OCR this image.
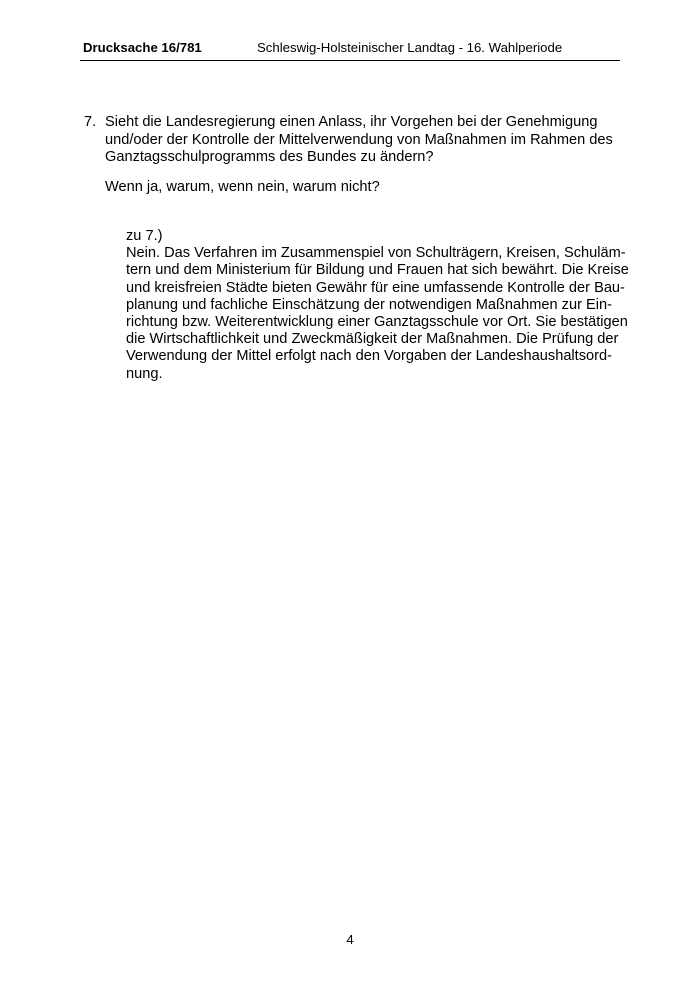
Drucksache 16/781	Schleswig-Holsteinischer Landtag - 16. Wahlperiode
7. Sieht die Landesregierung einen Anlass, ihr Vorgehen bei der Genehmigung
und/oder der Kontrolle der Mittelverwendung von Maßnahmen im Rahmen des
Ganztagsschulprogramms des Bundes zu ändern?
Wenn ja, warum, wenn nein, warum nicht?
zu 7.)
Nein. Das Verfahren im Zusammenspiel von Schulträgern, Kreisen, Schuläm-
tern und dem Ministerium für Bildung und Frauen hat sich bewährt. Die Kreise
und kreisfreien Städte bieten Gewähr für eine umfassende Kontrolle der Bau-
planung und fachliche Einschätzung der notwendigen Maßnahmen zur Ein-
richtung bzw. Weiterentwicklung einer Ganztagsschule vor Ort. Sie bestätigen
die Wirtschaftlichkeit und Zweckmäßigkeit der Maßnahmen. Die Prüfung der
Verwendung der Mittel erfolgt nach den Vorgaben der Landeshaushaltsord-
nung.
4
